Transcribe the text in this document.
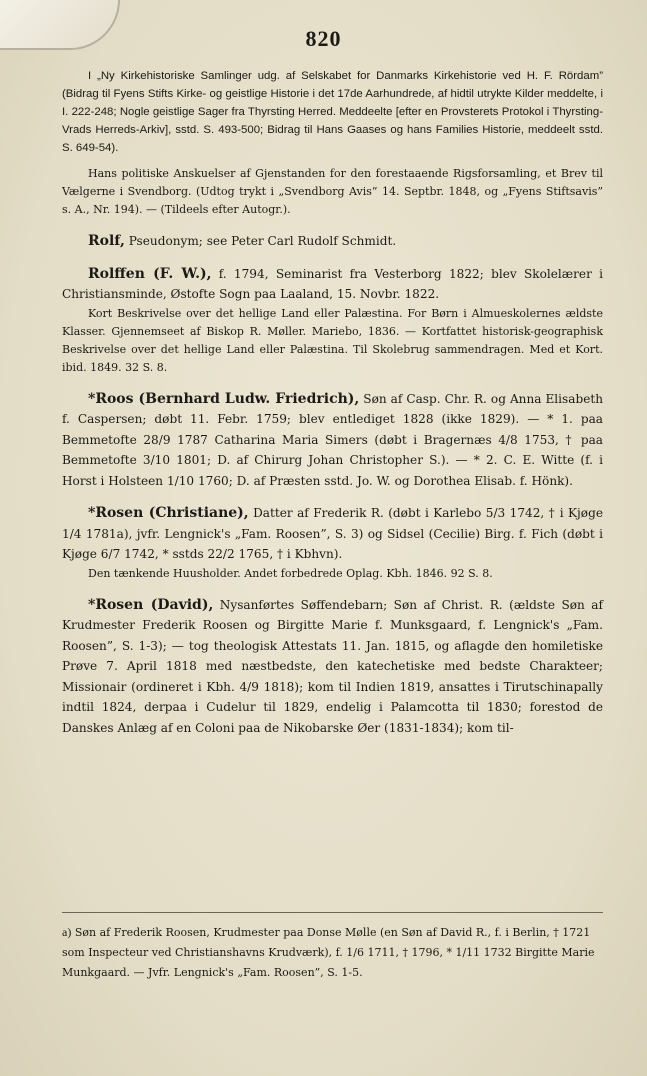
820

I „Ny Kirkehistoriske Samlinger udg. af Selskabet for Danmarks Kirkehistorie ved H. F. Rördam” (Bidrag til Fyens Stifts Kirke- og geistlige Historie i det 17de Aarhundrede, af hidtil utrykte Kilder meddelte, i I. 222-248; Nogle geistlige Sager fra Thyrsting Herred. Meddeelte [efter en Provsterets Protokol i Thyrsting-Vrads Herreds-Arkiv], sstd. S. 493-500; Bidrag til Hans Gaases og hans Families Historie, meddeelt sstd. S. 649-54).

Hans politiske Anskuelser af Gjenstanden for den forestaaende Rigsforsamling, et Brev til Vælgerne i Svendborg. (Udtog trykt i „Svendborg Avis” 14. Septbr. 1848, og „Fyens Stiftsavis” s. A., Nr. 194). — (Tildeels efter Autogr.).

Rolf, Pseudonym; see Peter Carl Rudolf Schmidt.

Rolffen (F. W.), f. 1794, Seminarist fra Vesterborg 1822; blev Skolelærer i Christiansminde, Østofte Sogn paa Laaland, 15. Novbr. 1822.

Kort Beskrivelse over det hellige Land eller Palæstina. For Børn i Almueskolernes ældste Klasser. Gjennemseet af Biskop R. Møller. Mariebo, 1836. — Kortfattet historisk-geographisk Beskrivelse over det hellige Land eller Palæstina. Til Skolebrug sammendragen. Med et Kort. ibid. 1849. 32 S. 8.

*Roos (Bernhard Ludw. Friedrich), Søn af Casp. Chr. R. og Anna Elisabeth f. Caspersen; døbt 11. Febr. 1759; blev entlediget 1828 (ikke 1829). — * 1. paa Bemmetofte 28/9 1787 Catharina Maria Simers (døbt i Bragernæs 4/8 1753, † paa Bemmetofte 3/10 1801; D. af Chirurg Johan Christopher S.). — * 2. C. E. Witte (f. i Horst i Holsteen 1/10 1760; D. af Præsten sstd. Jo. W. og Dorothea Elisab. f. Hönk).

*Rosen (Christiane), Datter af Frederik R. (døbt i Karlebo 5/3 1742, † i Kjøge 1/4 1781a), jvfr. Lengnick's „Fam. Roosen”, S. 3) og Sidsel (Cecilie) Birg. f. Fich (døbt i Kjøge 6/7 1742, * sstds 22/2 1765, † i Kbhvn).

Den tænkende Huusholder. Andet forbedrede Oplag. Kbh. 1846. 92 S. 8.

*Rosen (David), Nysanførtes Søffendebarn; Søn af Christ. R. (ældste Søn af Krudmester Frederik Roosen og Birgitte Marie f. Munksgaard, f. Lengnick's „Fam. Roosen”, S. 1-3); — tog theologisk Attestats 11. Jan. 1815, og aflagde den homiletiske Prøve 7. April 1818 med næstbedste, den katechetiske med bedste Charakteer; Missionair (ordineret i Kbh. 4/9 1818); kom til Indien 1819, ansattes i Tirutschinapally indtil 1824, derpaa i Cudelur til 1829, endelig i Palamcotta til 1830; forestod de Danskes Anlæg af en Coloni paa de Nikobarske Øer (1831-1834); kom til-

a) Søn af Frederik Roosen, Krudmester paa Donse Mølle (en Søn af David R., f. i Berlin, † 1721 som Inspecteur ved Christianshavns Krudværk), f. 1/6 1711, † 1796, * 1/11 1732 Birgitte Marie Munkgaard. — Jvfr. Lengnick's „Fam. Roosen”, S. 1-5.
